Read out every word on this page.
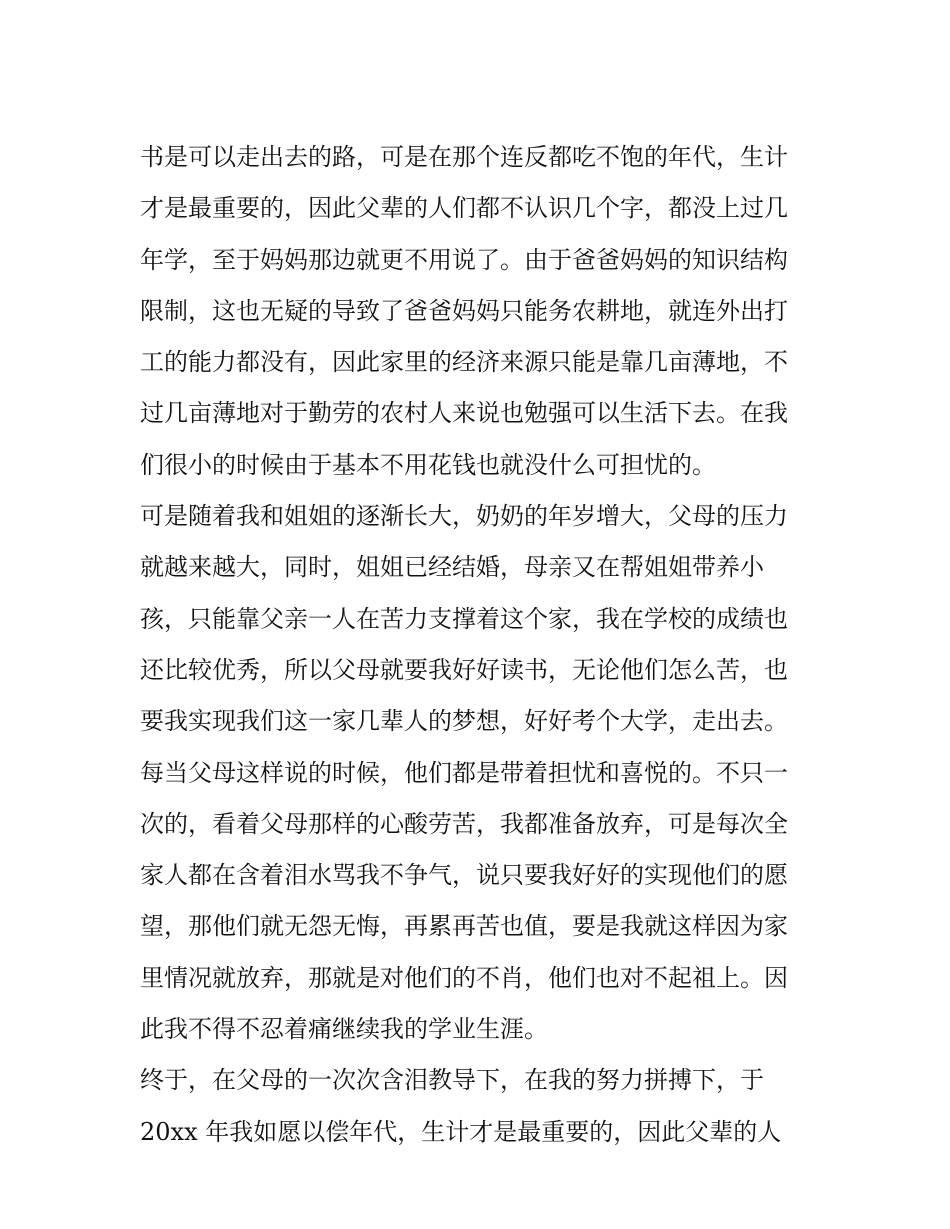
书是可以走出去的路，可是在那个连反都吃不饱的年代，生计
才是最重要的，因此父辈的人们都不认识几个字，都没上过几
年学，至于妈妈那边就更不用说了。由于爸爸妈妈的知识结构
限制，这也无疑的导致了爸爸妈妈只能务农耕地，就连外出打
工的能力都没有，因此家里的经济来源只能是靠几亩薄地，不
过几亩薄地对于勤劳的农村人来说也勉强可以生活下去。在我
们很小的时候由于基本不用花钱也就没什么可担忧的。
可是随着我和姐姐的逐渐长大，奶奶的年岁增大，父母的压力
就越来越大，同时，姐姐已经结婚，母亲又在帮姐姐带养小
孩，只能靠父亲一人在苦力支撑着这个家，我在学校的成绩也
还比较优秀，所以父母就要我好好读书，无论他们怎么苦，也
要我实现我们这一家几辈人的梦想，好好考个大学，走出去。
每当父母这样说的时候，他们都是带着担忧和喜悦的。不只一
次的，看着父母那样的心酸劳苦，我都准备放弃，可是每次全
家人都在含着泪水骂我不争气，说只要我好好的实现他们的愿
望，那他们就无怨无悔，再累再苦也值，要是我就这样因为家
里情况就放弃，那就是对他们的不肖，他们也对不起祖上。因
此我不得不忍着痛继续我的学业生涯。
终于，在父母的一次次含泪教导下，在我的努力拼搏下，于
20xx 年我如愿以偿年代，生计才是最重要的，因此父辈的人
